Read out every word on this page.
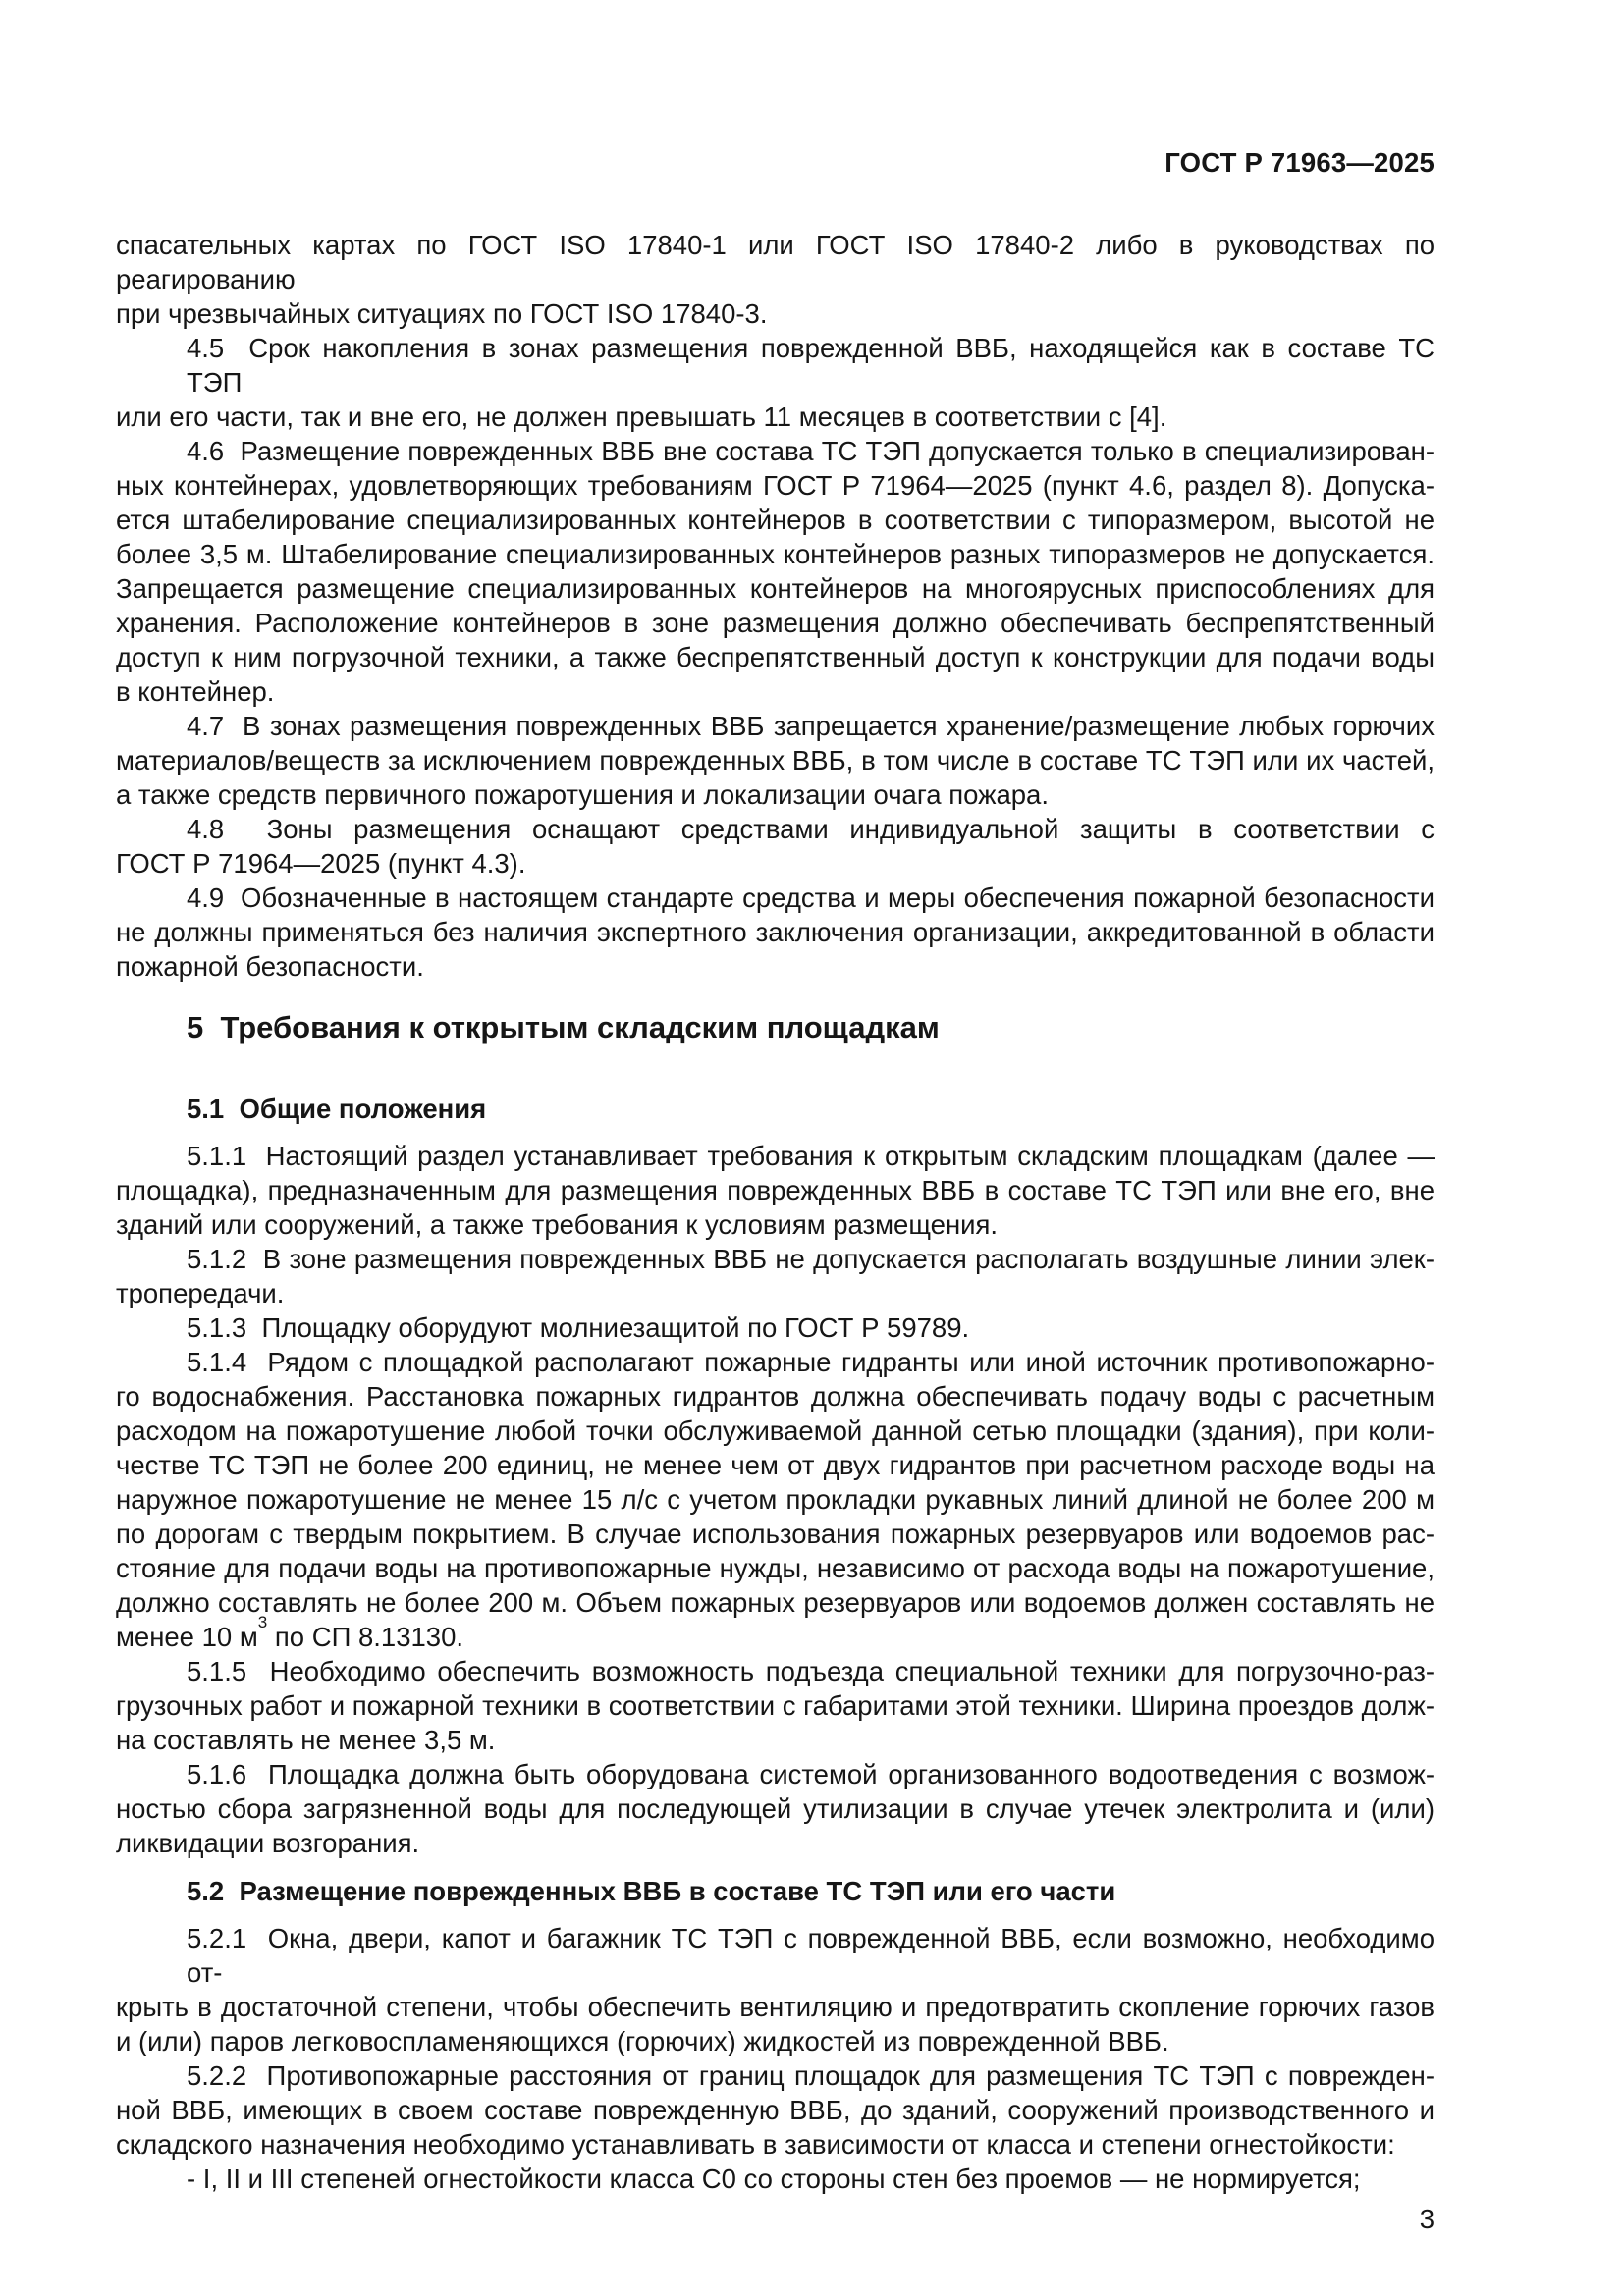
ГОСТ Р 71963—2025
спасательных картах по ГОСТ ISO 17840-1 или ГОСТ ISO 17840-2 либо в руководствах по реагированию
при чрезвычайных ситуациях по ГОСТ ISO 17840-3.
4.5  Срок накопления в зонах размещения поврежденной ВВБ, находящейся как в составе ТС ТЭП
или его части, так и вне его, не должен превышать 11 месяцев в соответствии с [4].
4.6  Размещение поврежденных ВВБ вне состава ТС ТЭП допускается только в специализирован-
ных контейнерах, удовлетворяющих требованиям ГОСТ Р 71964—2025 (пункт 4.6, раздел 8). Допуска-
ется штабелирование специализированных контейнеров в соответствии с типоразмером, высотой не
более 3,5 м. Штабелирование специализированных контейнеров разных типоразмеров не допускается.
Запрещается размещение специализированных контейнеров на многоярусных приспособлениях для
хранения. Расположение контейнеров в зоне размещения должно обеспечивать беспрепятственный
доступ к ним погрузочной техники, а также беспрепятственный доступ к конструкции для подачи воды
в контейнер.
4.7  В зонах размещения поврежденных ВВБ запрещается хранение/размещение любых горючих
материалов/веществ за исключением поврежденных ВВБ, в том числе в составе ТС ТЭП или их частей,
а также средств первичного пожаротушения и локализации очага пожара.
4.8  Зоны размещения оснащают средствами индивидуальной защиты в соответствии с
ГОСТ Р 71964—2025 (пункт 4.3).
4.9  Обозначенные в настоящем стандарте средства и меры обеспечения пожарной безопасности
не должны применяться без наличия экспертного заключения организации, аккредитованной в области
пожарной безопасности.
5  Требования к открытым складским площадкам
5.1  Общие положения
5.1.1  Настоящий раздел устанавливает требования к открытым складским площадкам (далее —
площадка), предназначенным для размещения поврежденных ВВБ в составе ТС ТЭП или вне его, вне
зданий или сооружений, а также требования к условиям размещения.
5.1.2  В зоне размещения поврежденных ВВБ не допускается располагать воздушные линии элек-
тропередачи.
5.1.3  Площадку оборудуют молниезащитой по ГОСТ Р 59789.
5.1.4  Рядом с площадкой располагают пожарные гидранты или иной источник противопожарно-
го водоснабжения. Расстановка пожарных гидрантов должна обеспечивать подачу воды с расчетным
расходом на пожаротушение любой точки обслуживаемой данной сетью площадки (здания), при коли-
честве ТС ТЭП не более 200 единиц, не менее чем от двух гидрантов при расчетном расходе воды на
наружное пожаротушение не менее 15 л/с с учетом прокладки рукавных линий длиной не более 200 м
по дорогам с твердым покрытием. В случае использования пожарных резервуаров или водоемов рас-
стояние для подачи воды на противопожарные нужды, независимо от расхода воды на пожаротушение,
должно составлять не более 200 м. Объем пожарных резервуаров или водоемов должен составлять не
менее 10 $м^3$ по СП 8.13130.
5.1.5  Необходимо обеспечить возможность подъезда специальной техники для погрузочно-раз-
грузочных работ и пожарной техники в соответствии с габаритами этой техники. Ширина проездов долж-
на составлять не менее 3,5 м.
5.1.6  Площадка должна быть оборудована системой организованного водоотведения с возмож-
ностью сбора загрязненной воды для последующей утилизации в случае утечек электролита и (или)
ликвидации возгорания.
5.2  Размещение поврежденных ВВБ в составе ТС ТЭП или его части
5.2.1  Окна, двери, капот и багажник ТС ТЭП с поврежденной ВВБ, если возможно, необходимо от-
крыть в достаточной степени, чтобы обеспечить вентиляцию и предотвратить скопление горючих газов
и (или) паров легковоспламеняющихся (горючих) жидкостей из поврежденной ВВБ.
5.2.2  Противопожарные расстояния от границ площадок для размещения ТС ТЭП с поврежден-
ной ВВБ, имеющих в своем составе поврежденную ВВБ, до зданий, сооружений производственного и
складского назначения необходимо устанавливать в зависимости от класса и степени огнестойкости:
- I, II и III степеней огнестойкости класса С0 со стороны стен без проемов — не нормируется;
3
